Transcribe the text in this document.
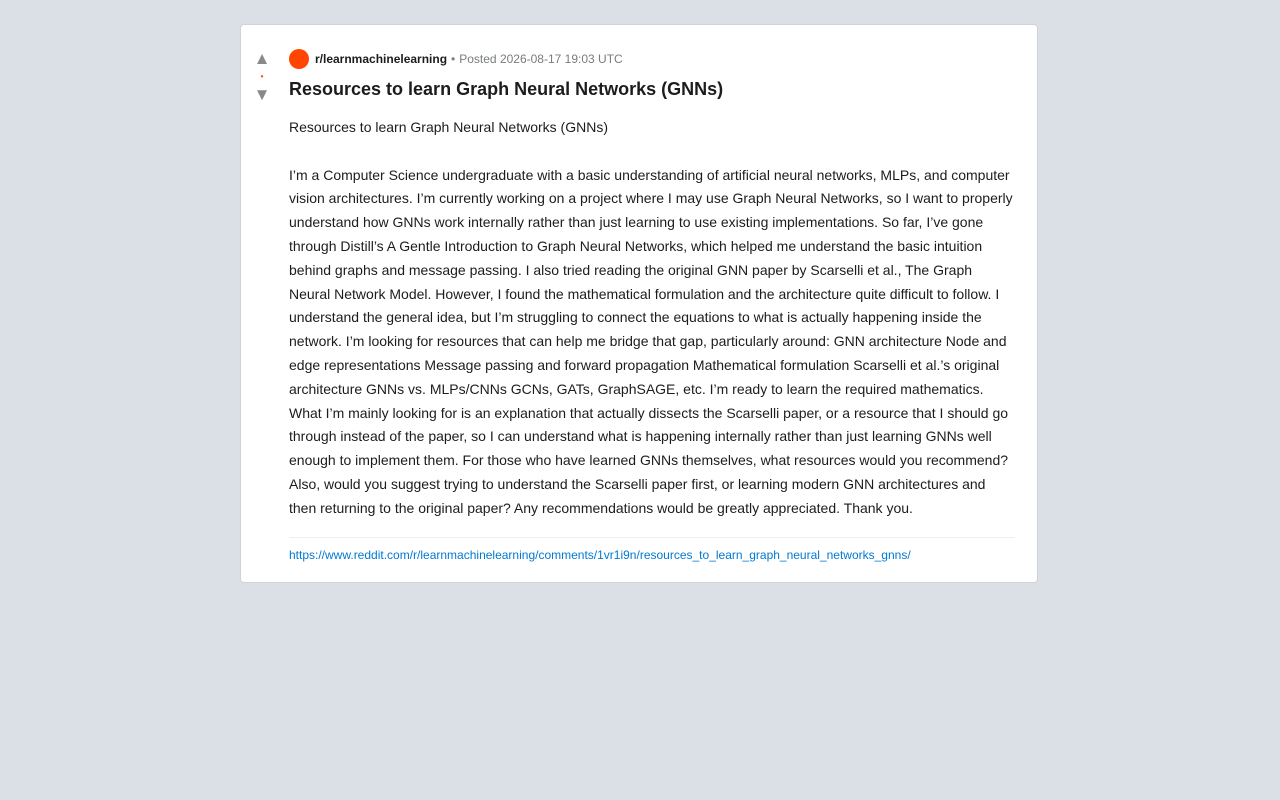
▲
•
▼
r/learnmachinelearning • Posted 2026-08-17 19:03 UTC
Resources to learn Graph Neural Networks (GNNs)

Resources to learn Graph Neural Networks (GNNs)

I’m a Computer Science undergraduate with a basic understanding of artificial neural networks, MLPs, and computer vision architectures. I’m currently working on a project where I may use Graph Neural Networks, so I want to properly understand how GNNs work internally rather than just learning to use existing implementations. So far, I’ve gone through Distill’s A Gentle Introduction to Graph Neural Networks, which helped me understand the basic intuition behind graphs and message passing. I also tried reading the original GNN paper by Scarselli et al., The Graph Neural Network Model. However, I found the mathematical formulation and the architecture quite difficult to follow. I understand the general idea, but I’m struggling to connect the equations to what is actually happening inside the network. I’m looking for resources that can help me bridge that gap, particularly around: GNN architecture Node and edge representations Message passing and forward propagation Mathematical formulation Scarselli et al.’s original architecture GNNs vs. MLPs/CNNs GCNs, GATs, GraphSAGE, etc. I’m ready to learn the required mathematics. What I’m mainly looking for is an explanation that actually dissects the Scarselli paper, or a resource that I should go through instead of the paper, so I can understand what is happening internally rather than just learning GNNs well enough to implement them. For those who have learned GNNs themselves, what resources would you recommend? Also, would you suggest trying to understand the Scarselli paper first, or learning modern GNN architectures and then returning to the original paper? Any recommendations would be greatly appreciated. Thank you.

https://www.reddit.com/r/learnmachinelearning/comments/1vr1i9n/resources_to_learn_graph_neural_networks_gnns/
